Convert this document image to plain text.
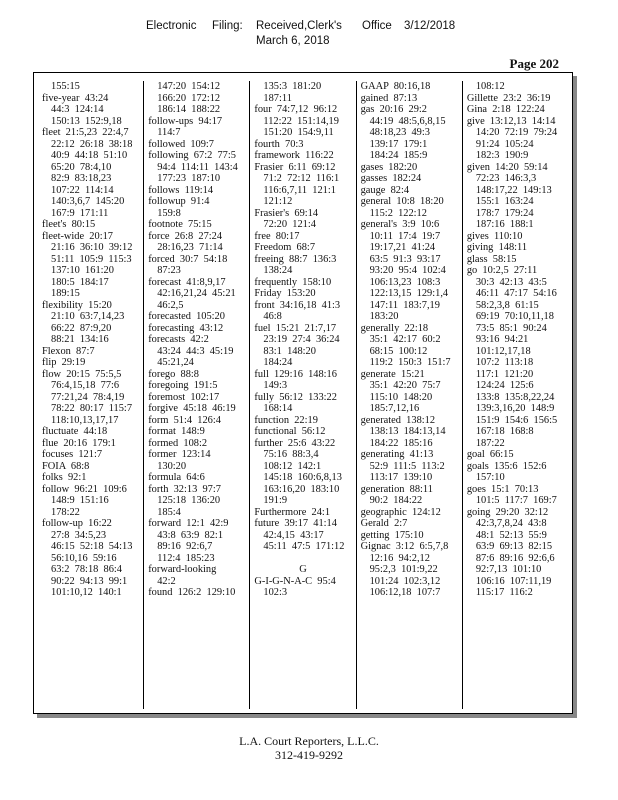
Electronic Filing: Received,Clerk's Office 3/12/2018
March 6, 2018
Page 202
155:15
five-year  43:24
44:3  124:14
150:13  152:9,18
fleet  21:5,23  22:4,7
22:12  26:18  38:18
40:9  44:18  51:10
65:20  78:4,10
82:9  83:18,23
107:22  114:14
140:3,6,7  145:20
167:9  171:11
fleet's  80:15
fleet-wide  20:17
21:16  36:10  39:12
51:11  105:9  115:3
137:10  161:20
180:5  184:17
189:15
flexibility  15:20
21:10  63:7,14,23
66:22  87:9,20
88:21  134:16
Flexon  87:7
flip  29:19
flow  20:15  75:5,5
76:4,15,18  77:6
77:21,24  78:4,19
78:22  80:17  115:7
118:10,13,17,17
fluctuate  44:18
flue  20:16  179:1
focuses  121:7
FOIA  68:8
folks  92:1
follow  96:21  109:6
148:9  151:16
178:22
follow-up  16:22
27:8  34:5,23
46:15  52:18  54:13
56:10,16  59:16
63:2  78:18  86:4
90:22  94:13  99:1
101:10,12  140:1
147:20  154:12
166:20  172:12
186:14  188:22
follow-ups  94:17
114:7
followed  109:7
following  67:2  77:5
94:4  114:11  143:4
177:23  187:10
follows  119:14
followup  91:4
159:8
footnote  75:15
force  26:8  27:24
28:16,23  71:14
forced  30:7  54:18
87:23
forecast  41:8,9,17
42:16,21,24  45:21
46:2,5
forecasted  105:20
forecasting  43:12
forecasts  42:2
43:24  44:3  45:19
45:21,24
forego  88:8
foregoing  191:5
foremost  102:17
forgive  45:18  46:19
form  51:4  126:4
format  148:9
formed  108:2
former  123:14
130:20
formula  64:6
forth  32:13  97:7
125:18  136:20
185:4
forward  12:1  42:9
43:8  63:9  82:1
89:16  92:6,7
112:4  185:23
forward-looking
42:2
found  126:2  129:10
135:3  181:20
187:11
four  74:7,12  96:12
112:22  151:14,19
151:20  154:9,11
fourth  70:3
framework  116:22
Frasier  6:11  69:12
71:2  72:12  116:1
116:6,7,11  121:1
121:12
Frasier's  69:14
72:20  121:4
free  80:17
Freedom  68:7
freeing  88:7  136:3
138:24
frequently  158:10
Friday  153:20
front  34:16,18  41:3
46:8
fuel  15:21  21:7,17
23:19  27:4  36:24
83:1  148:20
184:24
full  129:16  148:16
149:3
fully  56:12  133:22
168:14
function  22:19
functional  56:12
further  25:6  43:22
75:16  88:3,4
108:12  142:1
145:18  160:6,8,13
163:16,20  183:10
191:9
Furthermore  24:1
future  39:17  41:14
42:4,15  43:17
45:11  47:5  171:12
G
G-I-G-N-A-C  95:4
102:3
GAAP  80:16,18
gained  87:13
gas  20:16  29:2
44:19  48:5,6,8,15
48:18,23  49:3
139:17  179:1
184:24  185:9
gases  182:20
gasses  182:24
gauge  82:4
general  10:8  18:20
115:2  122:12
general's  3:9  10:6
10:11  17:4  19:7
19:17,21  41:24
63:5  91:3  93:17
93:20  95:4  102:4
106:13,23  108:3
122:13,15  129:1,4
147:11  183:7,19
183:20
generally  22:18
35:1  42:17  60:2
68:15  100:12
119:2  150:3  151:7
generate  15:21
35:1  42:20  75:7
115:10  148:20
185:7,12,16
generated  138:12
138:13  184:13,14
184:22  185:16
generating  41:13
52:9  111:5  113:2
113:17  139:10
generation  88:11
90:2  184:22
geographic  124:12
Gerald  2:7
getting  175:10
Gignac  3:12  6:5,7,8
12:16  94:2,12
95:2,3  101:9,22
101:24  102:3,12
106:12,18  107:7
108:12
Gillette  23:2  36:19
Gina  2:18  122:24
give  13:12,13  14:14
14:20  72:19  79:24
91:24  105:24
182:3  190:9
given  14:20  59:14
72:23  146:3,3
148:17,22  149:13
155:1  163:24
178:7  179:24
187:16  188:1
gives  110:10
giving  148:11
glass  58:15
go  10:2,5  27:11
30:3  42:13  43:5
46:11  47:17  54:16
58:2,3,8  61:15
69:19  70:10,11,18
73:5  85:1  90:24
93:16  94:21
101:12,17,18
107:2  113:18
117:1  121:20
124:24  125:6
133:8  135:8,22,24
139:3,16,20  148:9
151:9  154:6  156:5
167:18  168:8
187:22
goal  66:15
goals  135:6  152:6
157:10
goes  15:1  70:13
101:5  117:7  169:7
going  29:20  32:12
42:3,7,8,24  43:8
48:1  52:13  55:9
63:9  69:13  82:15
87:6  89:16  92:6,6
92:7,13  101:10
106:16  107:11,19
115:17  116:2
L.A. Court Reporters, L.L.C.
312-419-9292
